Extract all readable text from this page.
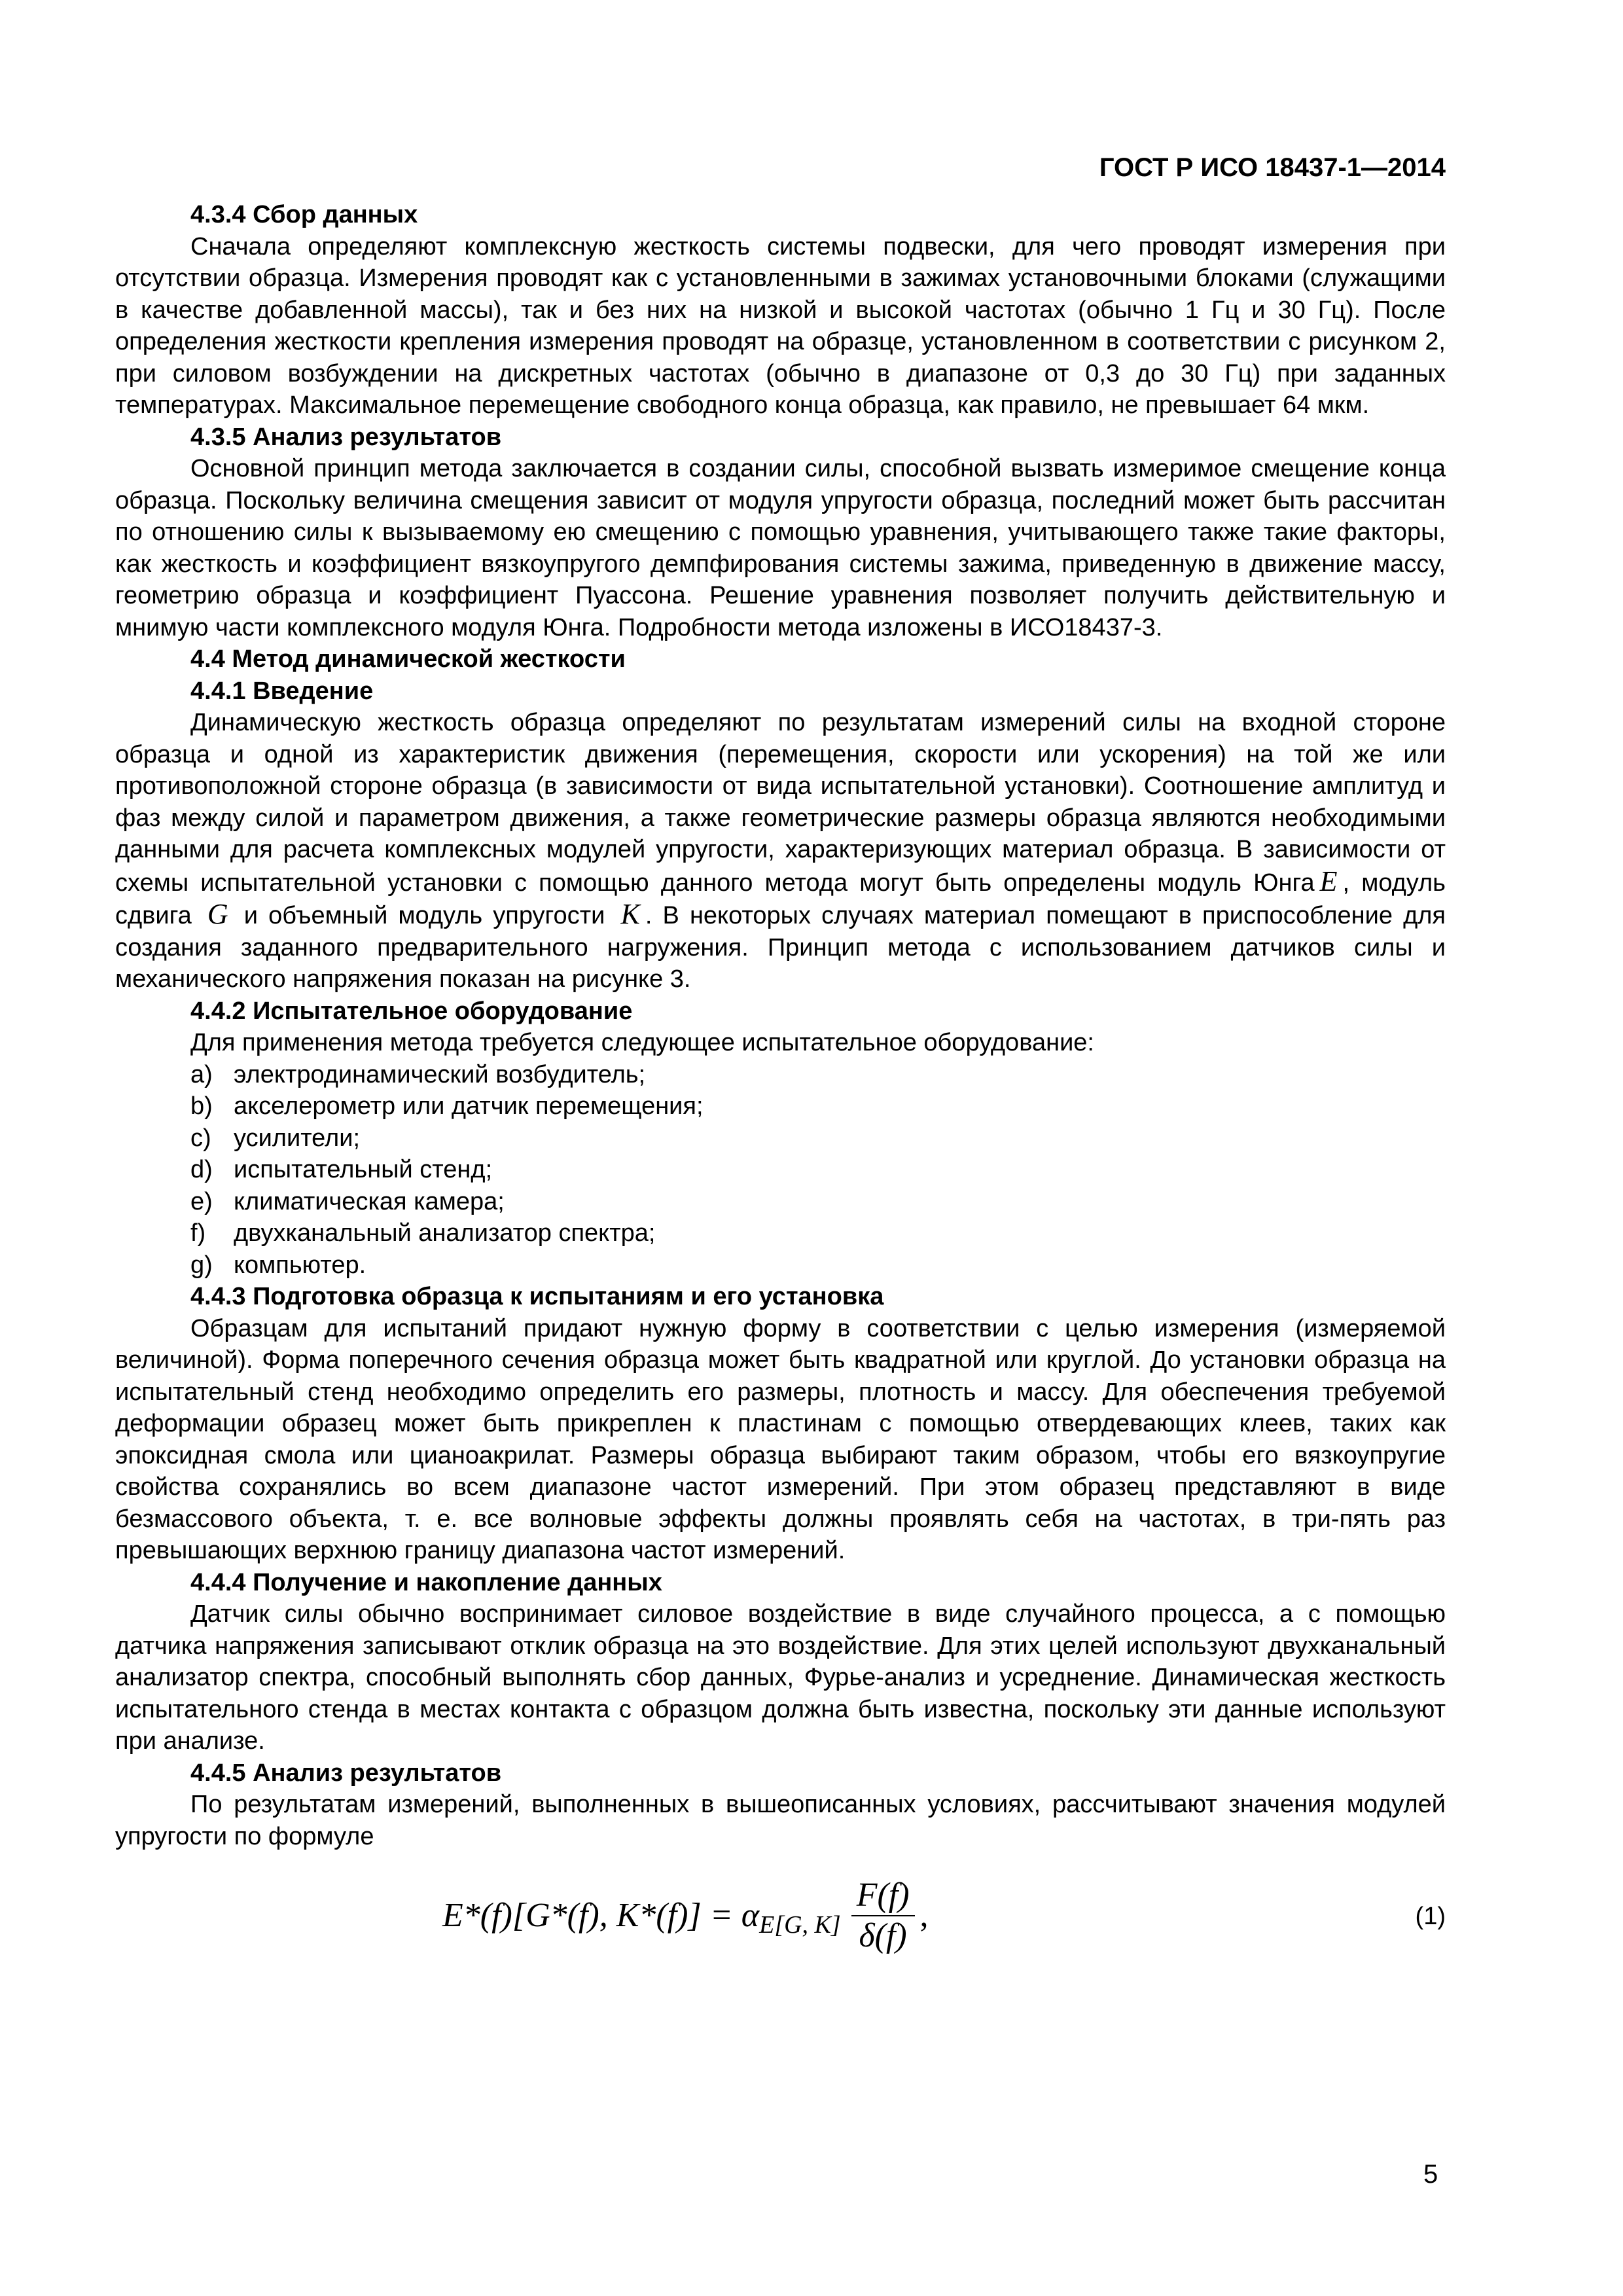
ГОСТ Р ИСО 18437-1—2014

4.3.4 Сбор данных

Сначала определяют комплексную жесткость системы подвески, для чего проводят измерения при отсутствии образца. Измерения проводят как с установленными в зажимах установочными блоками (служащими в качестве добавленной массы), так и без них на низкой и высокой частотах (обычно 1 Гц и 30 Гц). После определения жесткости крепления измерения проводят на образце, установленном в соответствии с рисунком 2, при силовом возбуждении на дискретных частотах (обычно в диапазоне от 0,3 до 30 Гц) при заданных температурах. Максимальное перемещение свободного конца образца, как правило, не превышает 64 мкм.

4.3.5 Анализ результатов

Основной принцип метода заключается в создании силы, способной вызвать измеримое смещение конца образца. Поскольку величина смещения зависит от модуля упругости образца, последний может быть рассчитан по отношению силы к вызываемому ею смещению с помощью уравнения, учитывающего также такие факторы, как жесткость и коэффициент вязкоупругого демпфирования системы зажима, приведенную в движение массу, геометрию образца и коэффициент Пуассона. Решение уравнения позволяет получить действительную и мнимую части комплексного модуля Юнга. Подробности метода изложены в ИСО18437-3.

4.4 Метод динамической жесткости

4.4.1 Введение

Динамическую жесткость образца определяют по результатам измерений силы на входной стороне образца и одной из характеристик движения (перемещения, скорости или ускорения) на той же или противоположной стороне образца (в зависимости от вида испытательной установки). Соотношение амплитуд и фаз между силой и параметром движения, а также геометрические размеры образца являются необходимыми данными для расчета комплексных модулей упругости, характеризующих материал образца. В зависимости от схемы испытательной установки с помощью данного метода могут быть определены модуль Юнга E , модуль сдвига G и объемный модуль упругости K . В некоторых случаях материал помещают в приспособление для создания заданного предварительного нагружения. Принцип метода с использованием датчиков силы и механического напряжения показан на рисунке 3.

4.4.2 Испытательное оборудование

Для применения метода требуется следующее испытательное оборудование:

a) электродинамический возбудитель;

b) акселерометр или датчик перемещения;

c) усилители;

d) испытательный стенд;

e) климатическая камера;

f)	двухканальный анализатор спектра;

g) компьютер.

4.4.3 Подготовка образца к испытаниям и его установка

Образцам для испытаний придают нужную форму в соответствии с целью измерения (измеряемой величиной). Форма поперечного сечения образца может быть квадратной или круглой. До установки образца на испытательный стенд необходимо определить его размеры, плотность и массу. Для обеспечения требуемой деформации образец может быть прикреплен к пластинам с помощью отвердевающих клеев, таких как эпоксидная смола или цианоакрилат. Размеры образца выбирают таким образом, чтобы его вязкоупругие свойства сохранялись во всем диапазоне частот измерений. При этом образец представляют в виде безмассового объекта, т. е. все волновые эффекты должны проявлять себя на частотах, в три-пять раз превышающих верхнюю границу диапазона частот измерений.

4.4.4 Получение и накопление данных

Датчик силы обычно воспринимает силовое воздействие в виде случайного процесса, а с помощью датчика напряжения записывают отклик образца на это воздействие. Для этих целей используют двухканальный анализатор спектра, способный выполнять сбор данных, Фурье-анализ и усреднение. Динамическая жесткость испытательного стенда в местах контакта с образцом должна быть известна, поскольку эти данные используют при анализе.

4.4.5 Анализ результатов

По результатам измерений, выполненных в вышеописанных условиях, рассчитывают значения модулей упругости по формуле

E*(f)[G*(f), K*(f)] = α E[G, $K] \frac{F(f)}{\delta(f)}$ ,	(1)
5
